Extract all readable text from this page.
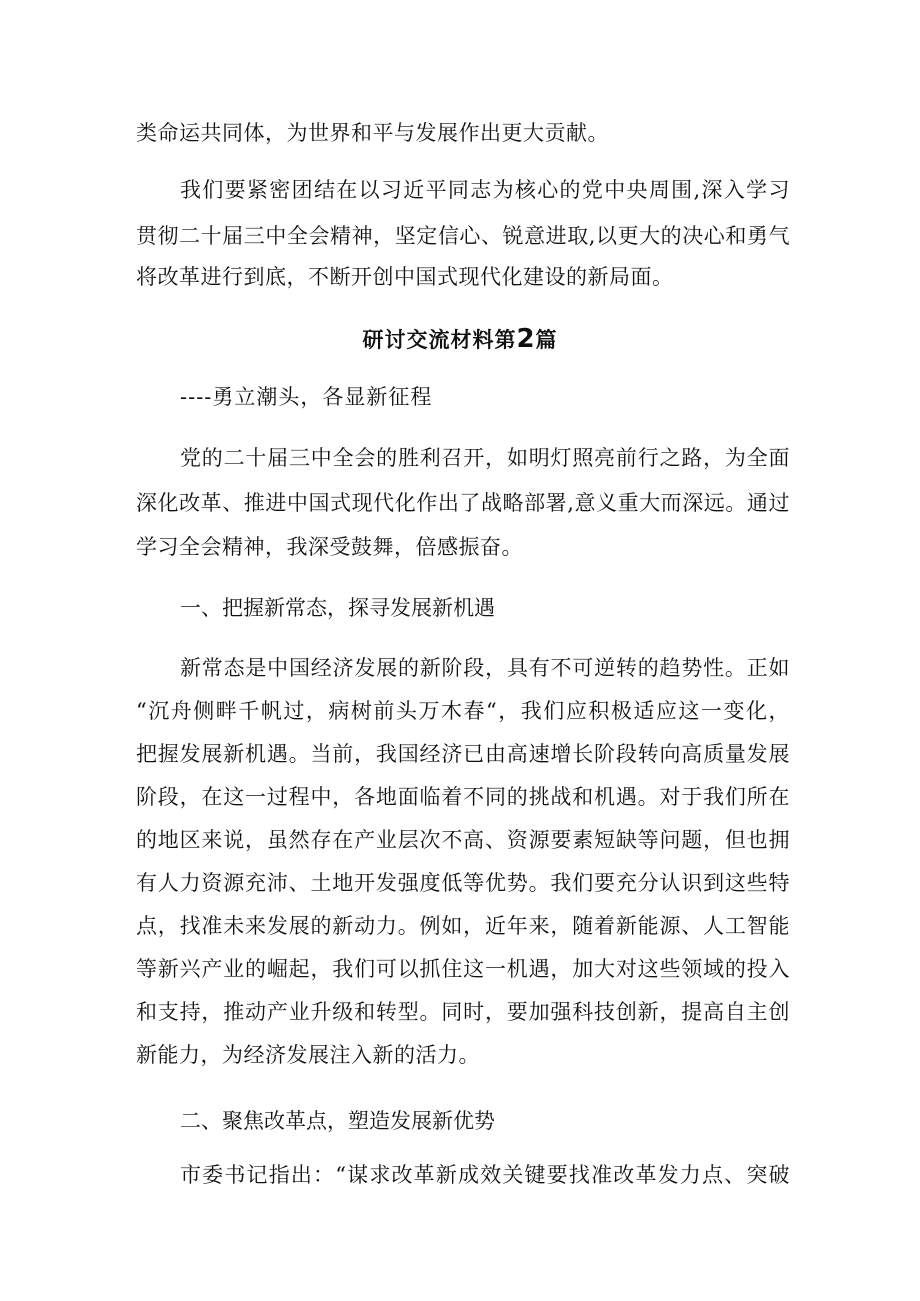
类命运共同体，为世界和平与发展作出更大贡献。
我们要紧密团结在以习近平同志为核心的党中央周围,深入学习
贯彻二十届三中全会精神，坚定信心、锐意进取,以更大的决心和勇气
将改革进行到底，不断开创中国式现代化建设的新局面。
研讨交流材料第2篇
----勇立潮头，各显新征程
党的二十届三中全会的胜利召开，如明灯照亮前行之路，为全面
深化改革、推进中国式现代化作出了战略部署,意义重大而深远。通过
学习全会精神，我深受鼓舞，倍感振奋。
一、把握新常态，探寻发展新机遇
新常态是中国经济发展的新阶段，具有不可逆转的趋势性。正如
“沉舟侧畔千帆过，病树前头万木春“，我们应积极适应这一变化，
把握发展新机遇。当前，我国经济已由高速增长阶段转向高质量发展
阶段，在这一过程中，各地面临着不同的挑战和机遇。对于我们所在
的地区来说，虽然存在产业层次不高、资源要素短缺等问题，但也拥
有人力资源充沛、土地开发强度低等优势。我们要充分认识到这些特
点，找准未来发展的新动力。例如，近年来，随着新能源、人工智能
等新兴产业的崛起，我们可以抓住这一机遇，加大对这些领域的投入
和支持，推动产业升级和转型。同时，要加强科技创新，提高自主创
新能力，为经济发展注入新的活力。
二、聚焦改革点，塑造发展新优势
市委书记指出：“谋求改革新成效关键要找准改革发力点、突破
